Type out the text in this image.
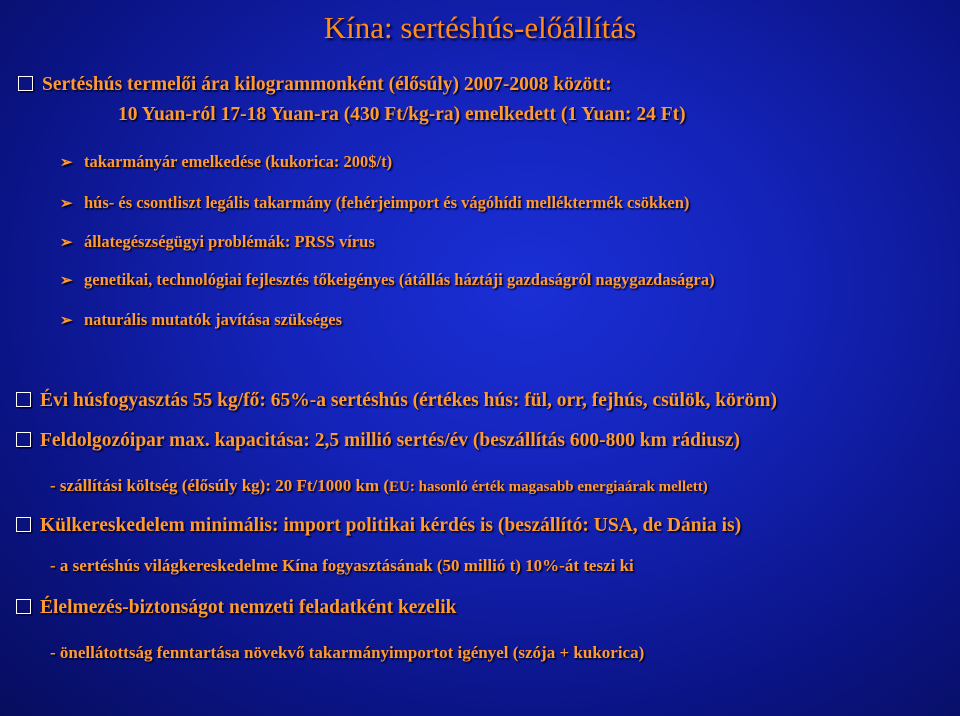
Kína: sertéshús-előállítás
Sertéshús termelői ára kilogrammonként (élősúly) 2007-2008 között:
10 Yuan-ról 17-18 Yuan-ra (430 Ft/kg-ra) emelkedett (1 Yuan: 24 Ft)
➢ takarmányár emelkedése (kukorica: 200$/t)
➢ hús- és csontliszt legális takarmány (fehérjeimport és vágóhídi melléktermék csökken)
➢ állategészségügyi problémák: PRSS vírus
➢ genetikai, technológiai fejlesztés tőkeigényes (átállás háztáji gazdaságról nagygazdaságra)
➢ naturális mutatók javítása szükséges
Évi húsfogyasztás 55 kg/fő: 65%-a sertéshús (értékes hús: fül, orr, fejhús, csülök, köröm)
Feldolgozóipar max. kapacitása: 2,5 millió sertés/év (beszállítás 600-800 km rádiusz)
- szállítási költség (élősúly kg): 20 Ft/1000 km (EU: hasonló érték magasabb energiaárak mellett)
Külkereskedelem minimális: import politikai kérdés is (beszállító: USA, de Dánia is)
- a sertéshús világkereskedelme Kína fogyasztásának (50 millió t) 10%-át teszi ki
Élelmezés-biztonságot nemzeti feladatként kezelik
- önellátottság fenntartása növekvő takarmányimportot igényel (szója + kukorica)
